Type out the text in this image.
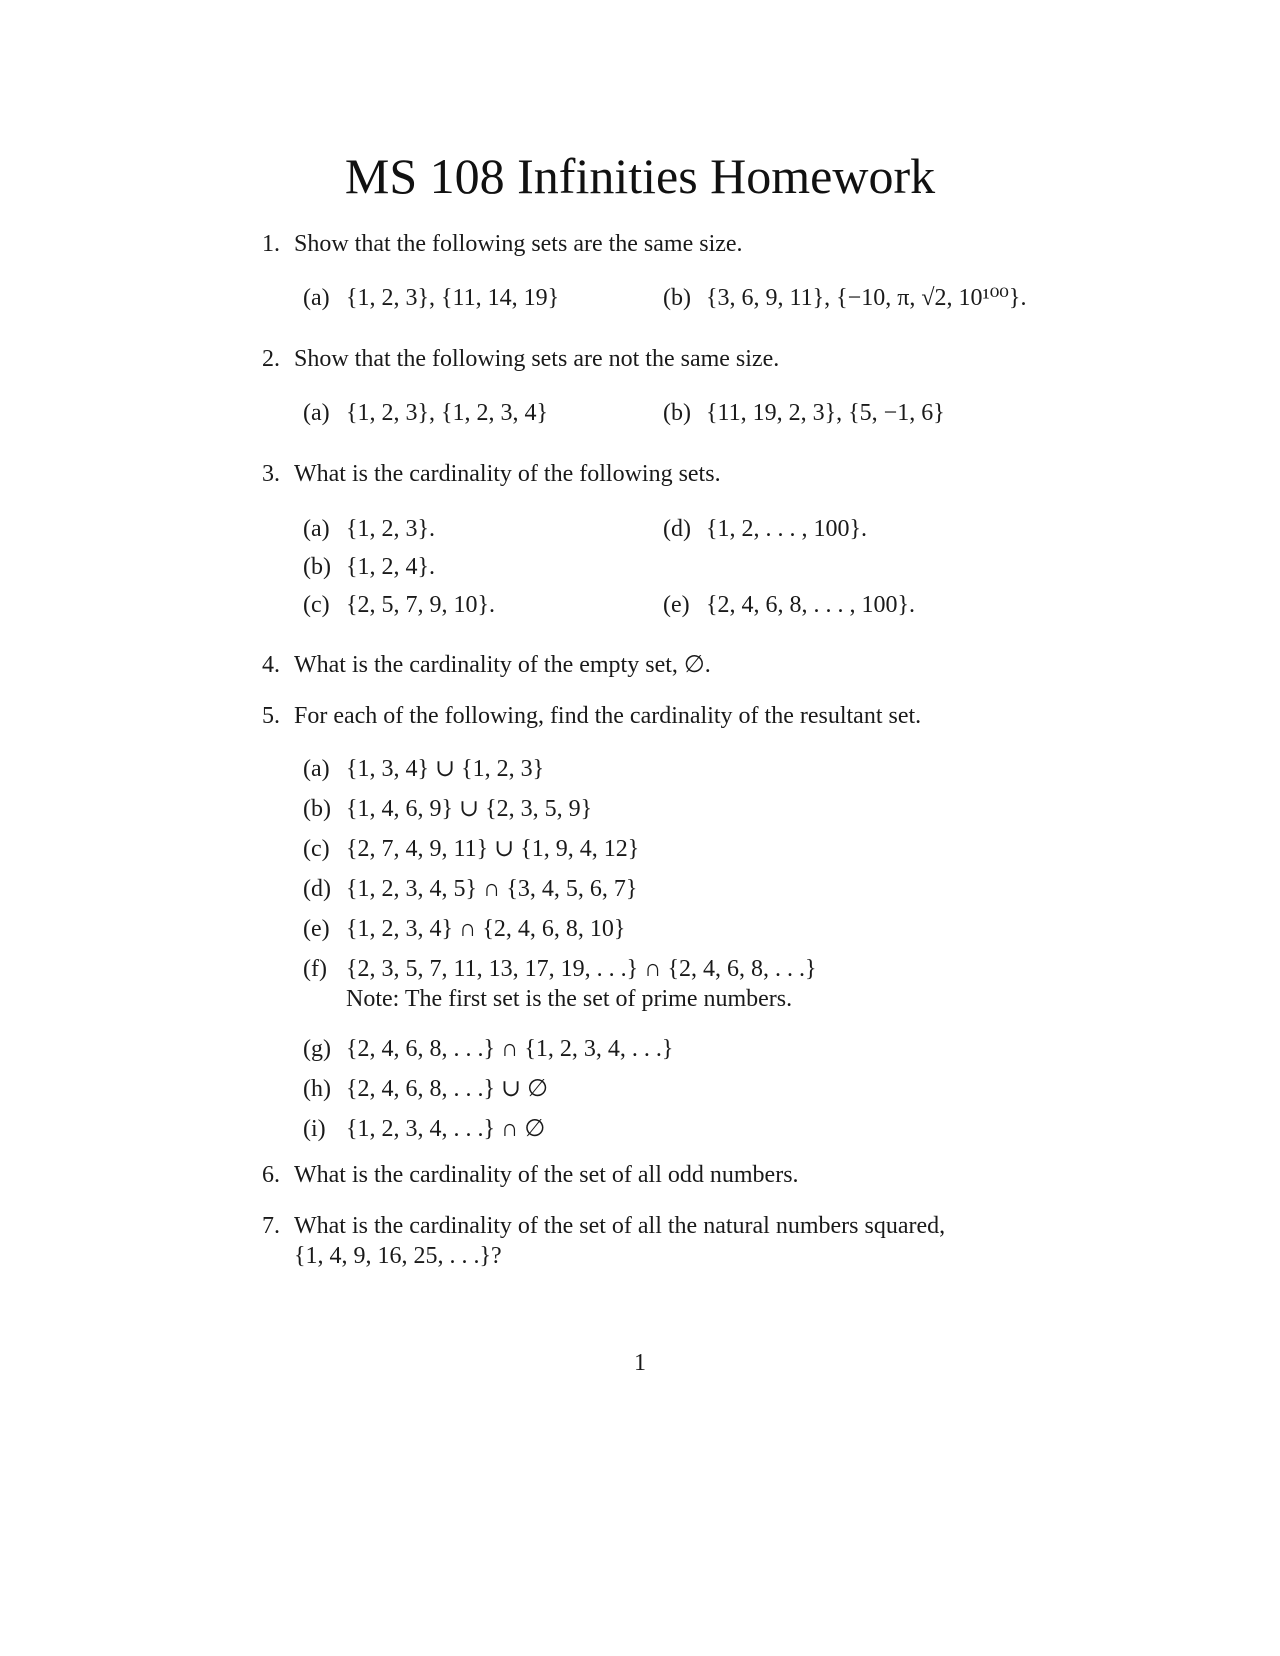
MS 108 Infinities Homework
1. Show that the following sets are the same size.
(a) {1, 2, 3}, {11, 14, 19}	(b) {3, 6, 9, 11}, {−10, π, √2, 10¹⁰⁰}.
2. Show that the following sets are not the same size.
(a) {1, 2, 3}, {1, 2, 3, 4}	(b) {11, 19, 2, 3}, {5, −1, 6}
3. What is the cardinality of the following sets.
(a) {1, 2, 3}.
(b) {1, 2, 4}.
(c) {2, 5, 7, 9, 10}.
(d) {1, 2, . . . , 100}.
(e) {2, 4, 6, 8, . . . , 100}.
4. What is the cardinality of the empty set, ∅.
5. For each of the following, find the cardinality of the resultant set.
(a) {1, 3, 4} ∪ {1, 2, 3}
(b) {1, 4, 6, 9} ∪ {2, 3, 5, 9}
(c) {2, 7, 4, 9, 11} ∪ {1, 9, 4, 12}
(d) {1, 2, 3, 4, 5} ∩ {3, 4, 5, 6, 7}
(e) {1, 2, 3, 4} ∩ {2, 4, 6, 8, 10}
(f) {2, 3, 5, 7, 11, 13, 17, 19, . . .} ∩ {2, 4, 6, 8, . . .}
Note: The first set is the set of prime numbers.
(g) {2, 4, 6, 8, . . .} ∩ {1, 2, 3, 4, . . .}
(h) {2, 4, 6, 8, . . .} ∪ ∅
(i) {1, 2, 3, 4, . . .} ∩ ∅
6. What is the cardinality of the set of all odd numbers.
7. What is the cardinality of the set of all the natural numbers squared,
{1, 4, 9, 16, 25, . . .}?
1
